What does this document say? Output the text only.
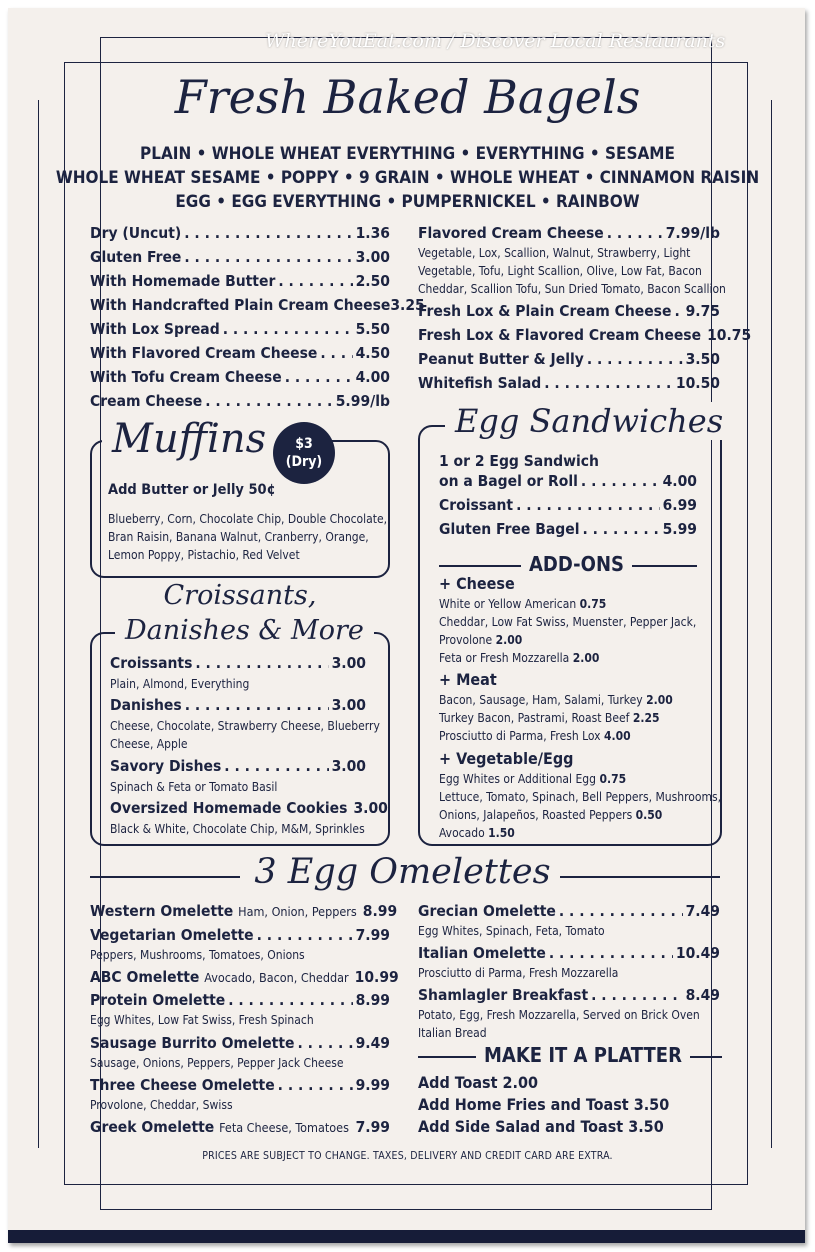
WhereYouEat.com / Discover Local Restaurants
Fresh Baked Bagels
PLAIN • WHOLE WHEAT EVERYTHING • EVERYTHING • SESAME
WHOLE WHEAT SESAME • POPPY • 9 GRAIN • WHOLE WHEAT • CINNAMON RAISIN
EGG • EGG EVERYTHING • PUMPERNICKEL • RAINBOW
Dry (Uncut) . . .	1.36
Gluten Free . . .	3.00
With Homemade Butter . . .	2.50
With Handcrafted Plain Cream Cheese 3.25
With Lox Spread . . .	5.50
With Flavored Cream Cheese . . . 4.50
With Tofu Cream Cheese . . .	4.00
Cream Cheese . . .	5.99/lb
Flavored Cream Cheese . . .	7.99/lb
Vegetable, Lox, Scallion, Walnut, Strawberry, Light
Vegetable, Tofu, Light Scallion, Olive, Low Fat, Bacon
Cheddar, Scallion Tofu, Sun Dried Tomato, Bacon Scallion
Fresh Lox & Plain Cream Cheese . . . 9.75
Fresh Lox & Flavored Cream Cheese 10.75
Peanut Butter & Jelly . . .	3.50
Whitefish Salad . . .	10.50
Muffins	$3
(Dry)
Add Butter or Jelly 50¢
Blueberry, Corn, Chocolate Chip, Double Chocolate,
Bran Raisin, Banana Walnut, Cranberry, Orange,
Lemon Poppy, Pistachio, Red Velvet
Croissants,
Danishes & More
Croissants . . .	3.00
Plain, Almond, Everything
Danishes . . .	3.00
Cheese, Chocolate, Strawberry Cheese, Blueberry
Cheese, Apple
Savory Dishes . . .	3.00
Spinach & Feta or Tomato Basil
Oversized Homemade Cookies 3.00
Black & White, Chocolate Chip, M&M, Sprinkles
Egg Sandwiches
1 or 2 Egg Sandwich
on a Bagel or Roll . . .	4.00
Croissant . . .	6.99
Gluten Free Bagel . . .	5.99
ADD-ONS
+ Cheese
White or Yellow American 0.75
Cheddar, Low Fat Swiss, Muenster, Pepper Jack,
Provolone 2.00
Feta or Fresh Mozzarella 2.00
+ Meat
Bacon, Sausage, Ham, Salami, Turkey 2.00
Turkey Bacon, Pastrami, Roast Beef 2.25
Prosciutto di Parma, Fresh Lox 4.00
+ Vegetable/Egg
Egg Whites or Additional Egg 0.75
Lettuce, Tomato, Spinach, Bell Peppers, Mushrooms,
Onions, Jalapeños, Roasted Peppers 0.50
Avocado 1.50
3 Egg Omelettes
Western Omelette
Ham, Onion, Peppers 8.99
Vegetarian Omelette . . .	7.99
Peppers, Mushrooms, Tomatoes, Onions
ABC Omelette
Avocado, Bacon, Cheddar 10.99
Protein Omelette . . .	8.99
Egg Whites, Low Fat Swiss, Fresh Spinach
Sausage Burrito Omelette . . .	9.49
Sausage, Onions, Peppers, Pepper Jack Cheese
Three Cheese Omelette . . .	9.99
Provolone, Cheddar, Swiss
Greek Omelette
Feta Cheese, Tomatoes . . . 7.99
Grecian Omelette . . .	7.49
Egg Whites, Spinach, Feta, Tomato
Italian Omelette . . .	10.49
Prosciutto di Parma, Fresh Mozzarella
Shamlagler Breakfast . . .	8.49
Potato, Egg, Fresh Mozzarella, Served on Brick Oven
Italian Bread
MAKE IT A PLATTER
Add Toast 2.00
Add Home Fries and Toast 3.50
Add Side Salad and Toast 3.50
PRICES ARE SUBJECT TO CHANGE. TAXES, DELIVERY AND CREDIT CARD ARE EXTRA.
